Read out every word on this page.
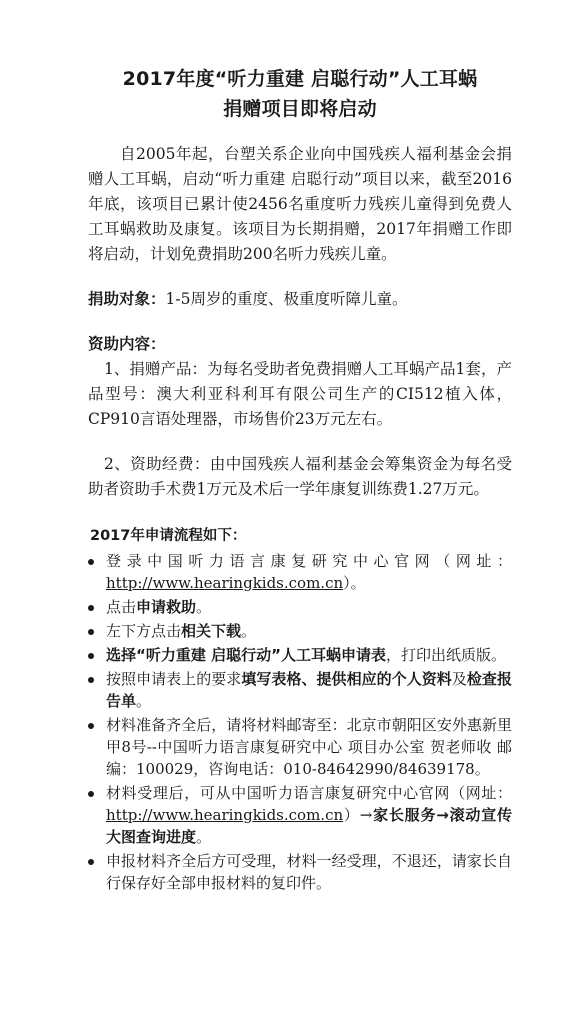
2017年度“听力重建 启聪行动”人工耳蜗
捐赠项目即将启动

自2005年起，台塑关系企业向中国残疾人福利基金会捐赠人工耳蜗，启动“听力重建 启聪行动”项目以来，截至2016年底，该项目已累计使2456名重度听力残疾儿童得到免费人工耳蜗救助及康复。该项目为长期捐赠，2017年捐赠工作即将启动，计划免费捐助200名听力残疾儿童。

捐助对象：1-5周岁的重度、极重度听障儿童。

资助内容：

1、捐赠产品：为每名受助者免费捐赠人工耳蜗产品1套，产品型号：澳大利亚科利耳有限公司生产的CI512植入体，CP910言语处理器，市场售价23万元左右。

2、资助经费：由中国残疾人福利基金会筹集资金为每名受助者资助手术费1万元及术后一学年康复训练费1.27万元。

2017年申请流程如下：

登录中国听力语言康复研究中心官网（网址：http://www.hearingkids.com.cn）。
点击申请救助。
左下方点击相关下载。
选择“听力重建 启聪行动”人工耳蜗申请表，打印出纸质版。
按照申请表上的要求填写表格、提供相应的个人资料及检查报告单。
材料准备齐全后，请将材料邮寄至：北京市朝阳区安外惠新里甲8号--中国听力语言康复研究中心 项目办公室 贺老师收 邮编：100029，咨询电话：010-84642990/84639178。
材料受理后，可从中国听力语言康复研究中心官网（网址：http://www.hearingkids.com.cn）→家长服务→滚动宣传大图查询进度。
申报材料齐全后方可受理，材料一经受理，不退还，请家长自行保存好全部申报材料的复印件。
